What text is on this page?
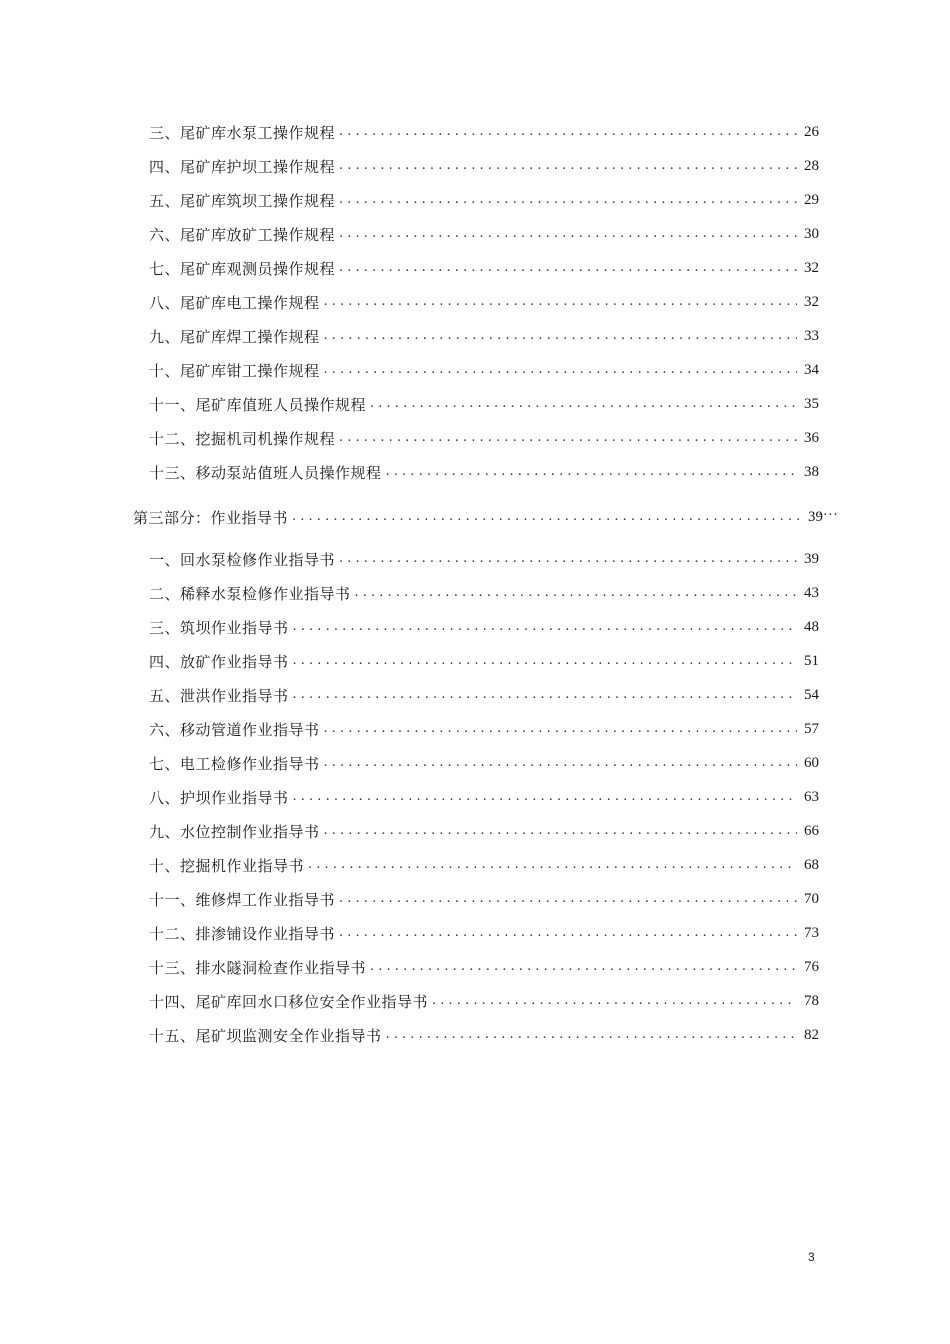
三、尾矿库水泵工操作规程 . . .	26
四、尾矿库护坝工操作规程 . . .	28
五、尾矿库筑坝工操作规程 . . .	29
六、尾矿库放矿工操作规程 . . .	30
七、尾矿库观测员操作规程 . . .	32
八、尾矿库电工操作规程 . . .	32
九、尾矿库焊工操作规程 . . .	33
十、尾矿库钳工操作规程 . . .	34
十一、尾矿库值班人员操作规程 . . .	35
十二、挖掘机司机操作规程 . . .	36
十三、移动泵站值班人员操作规程 . . .	38
第三部分：作业指导书 . . .	39
....
一、回水泵检修作业指导书 . . .	39
二、稀释水泵检修作业指导书 . . .	43
三、筑坝作业指导书 . . .	48
四、放矿作业指导书 . . .	51
五、泄洪作业指导书 . . .	54
六、移动管道作业指导书 . . .	57
七、电工检修作业指导书 . . .	60
八、护坝作业指导书 . . .	63
九、水位控制作业指导书 . . .	66
十、挖掘机作业指导书 . . .	68
十一、维修焊工作业指导书 . . .	70
十二、排渗铺设作业指导书 . . .	73
十三、排水隧洞检查作业指导书 . . .	76
十四、尾矿库回水口移位安全作业指导书 . . .	78
十五、尾矿坝监测安全作业指导书 . . .	82
3
